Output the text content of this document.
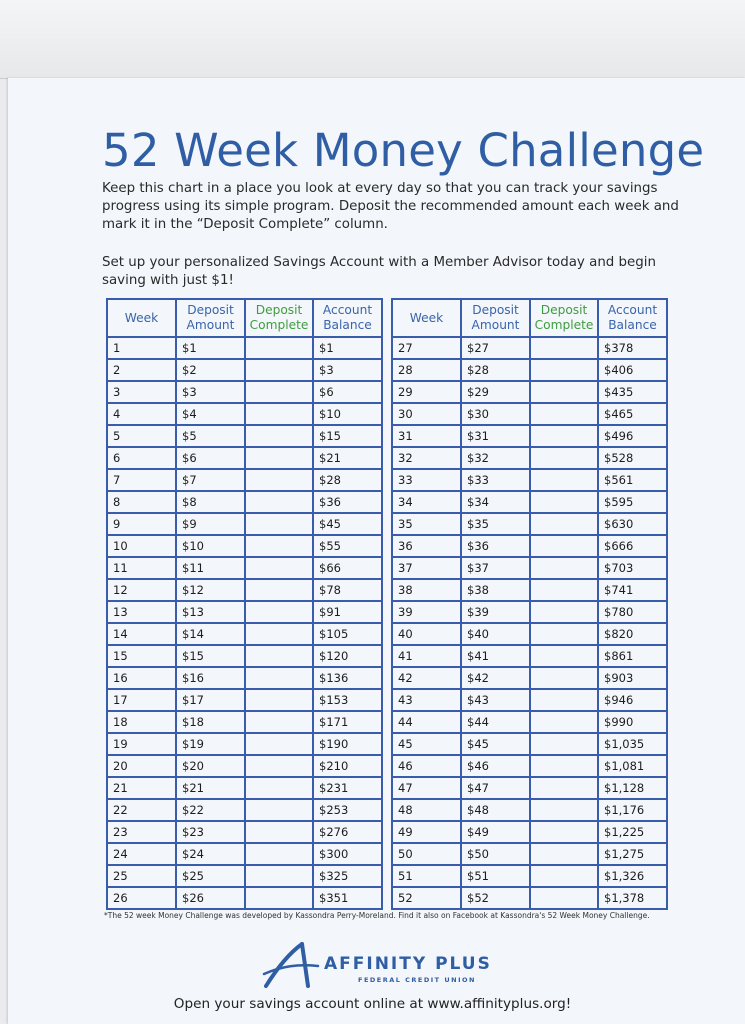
52 Week Money Challenge

Keep this chart in a place you look at every day so that you can track your savings progress using its simple program. Deposit the recommended amount each week and mark it in the “Deposit Complete” column.

Set up your personalized Savings Account with a Member Advisor today and begin saving with just $1!

Week	Deposit Amount	Deposit Complete	Account Balance
1	$1		$1
2	$2		$3
3	$3		$6
4	$4		$10
5	$5		$15
6	$6		$21
7	$7		$28
8	$8		$36
9	$9		$45
10	$10		$55
11	$11		$66
12	$12		$78
13	$13		$91
14	$14		$105
15	$15		$120
16	$16		$136
17	$17		$153
18	$18		$171
19	$19		$190
20	$20		$210
21	$21		$231
22	$22		$253
23	$23		$276
24	$24		$300
25	$25		$325
26	$26		$351
Week	Deposit Amount	Deposit Complete	Account Balance
27	$27		$378
28	$28		$406
29	$29		$435
30	$30		$465
31	$31		$496
32	$32		$528
33	$33		$561
34	$34		$595
35	$35		$630
36	$36		$666
37	$37		$703
38	$38		$741
39	$39		$780
40	$40		$820
41	$41		$861
42	$42		$903
43	$43		$946
44	$44		$990
45	$45		$1,035
46	$46		$1,081
47	$47		$1,128
48	$48		$1,176
49	$49		$1,225
50	$50		$1,275
51	$51		$1,326
52	$52		$1,378

*The 52 week Money Challenge was developed by Kassondra Perry-Moreland. Find it also on Facebook at Kassondra's 52 Week Money Challenge.

AFFINITY PLUS
FEDERAL CREDIT UNION

Open your savings account online at www.affinityplus.org!
